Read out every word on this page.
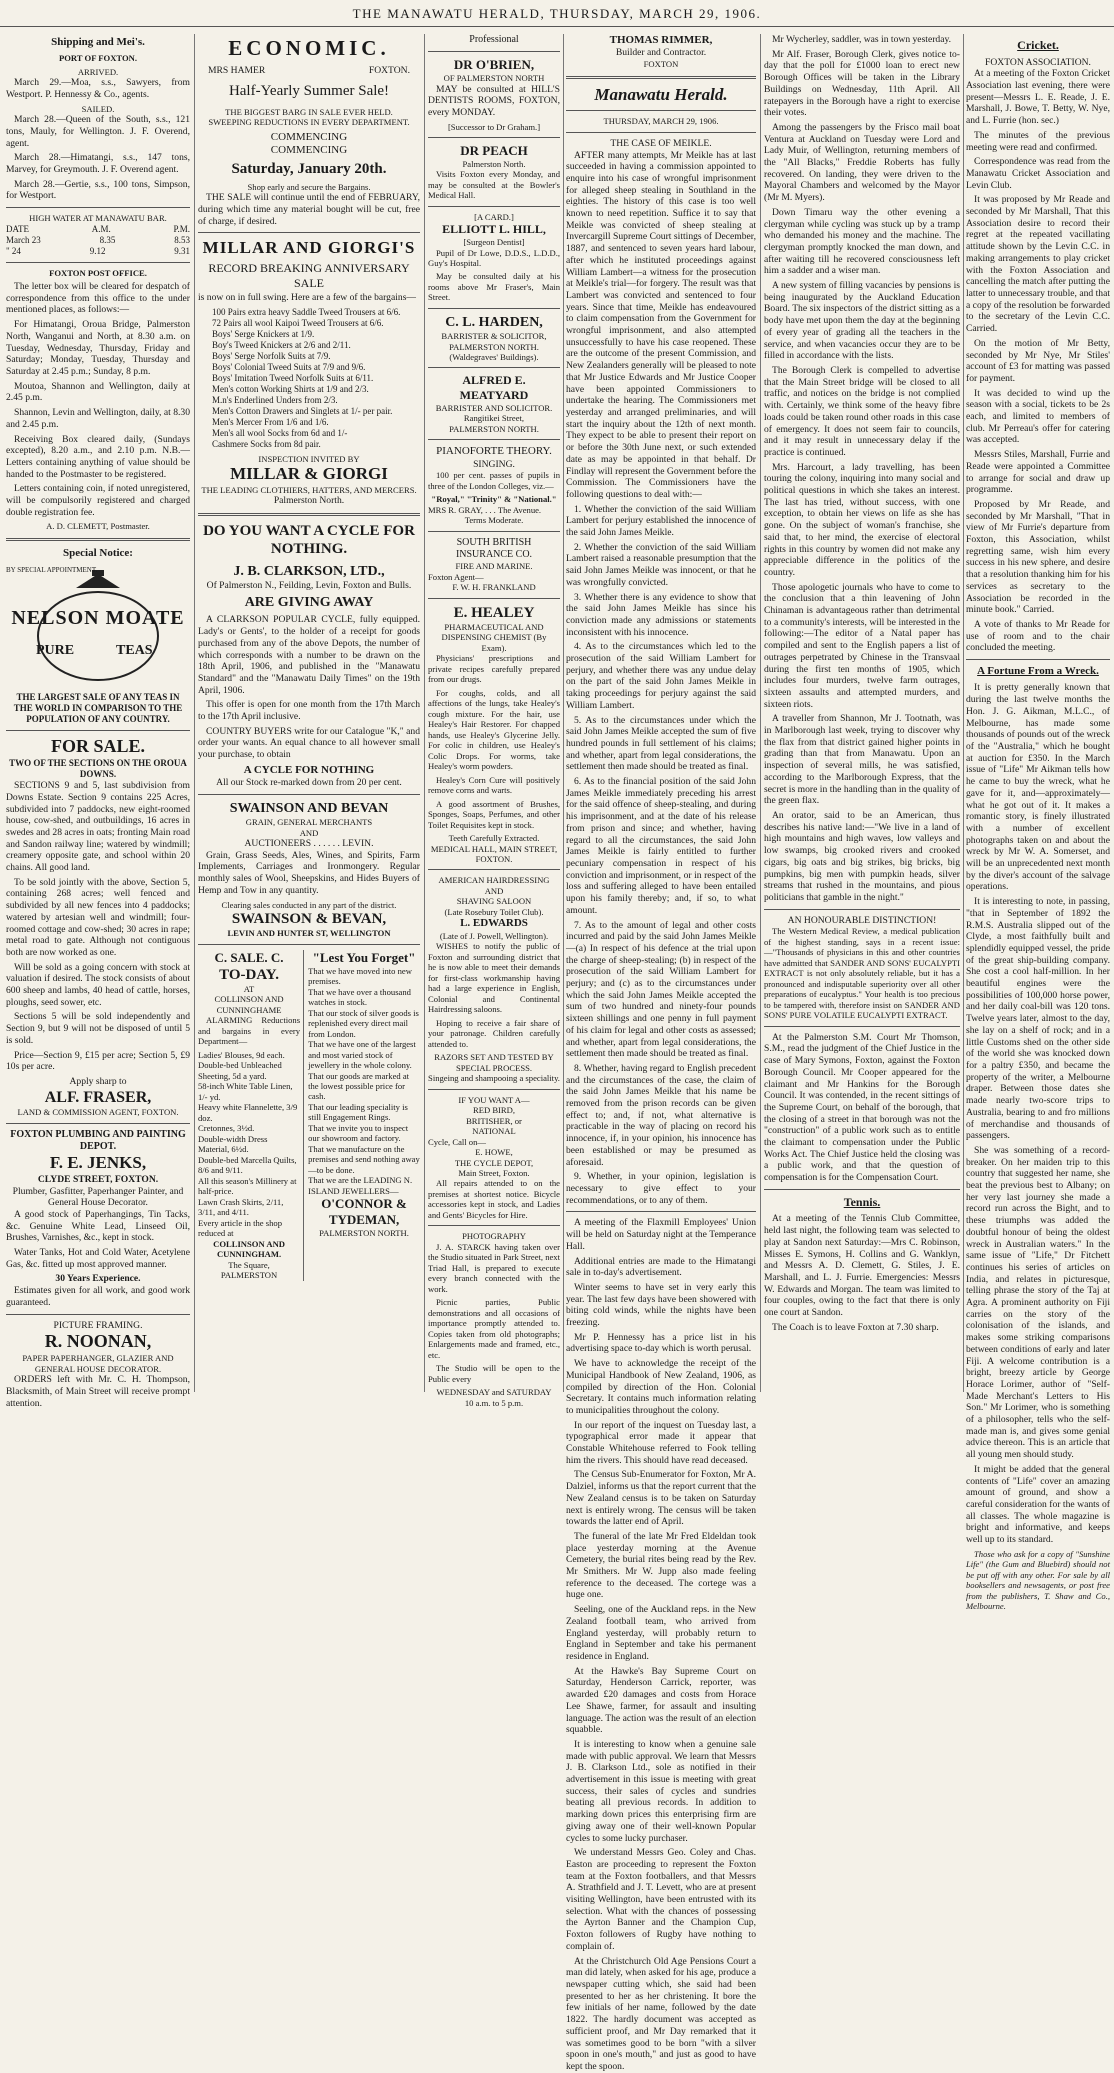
THE MANAWATU HERALD, THURSDAY, MARCH 29, 1906.
Shipping and Mei's.
PORT OF FOXTON.
ARRIVED.

March 29.—Moa, s.s., Sawyers, from Westport. P. Hennessy & Co., agents.

SAILED.

March 28.—Queen of the South, s.s., 121 tons, Mauly, for Wellington. J. F. Overend, agent.

March 28.—Himatangi, s.s., 147 tons, Marvey, for Greymouth. J. F. Overend agent.

March 28.—Gertie, s.s., 100 tons, Simpson, for Westport.

HIGH WATER AT MANAWATU BAR.
DATE	A.M.	P.M.
March 23	8.35	8.53
" 24	9.12	9.31
FOXTON POST OFFICE.

The letter box will be cleared for despatch of correspondence from this office to the under mentioned places, as follows:—

For Himatangi, Oroua Bridge, Palmerston North, Wanganui and North, at 8.30 a.m. on Tuesday, Wednesday, Thursday, Friday and Saturday; Monday, Tuesday, Thursday and Saturday at 2.45 p.m.; Sunday, 8 p.m.

Moutoa, Shannon and Wellington, daily at 2.45 p.m.

Shannon, Levin and Wellington, daily, at 8.30 and 2.45 p.m.

Receiving Box cleared daily, (Sundays excepted), 8.20 a.m., and 2.10 p.m. N.B.—Letters containing anything of value should be handed to the Postmaster to be registered.

Letters containing coin, if noted unregistered, will be compulsorily registered and charged double registration fee.

A. D. CLEMETT, Postmaster.
Special Notice:
BY SPECIAL APPOINTMENT.
NELSON MOATE
PURE	TEAS
THE LARGEST SALE OF ANY TEAS IN THE WORLD IN COMPARISON TO THE POPULATION OF ANY COUNTRY.
FOR SALE.
TWO OF THE SECTIONS ON THE OROUA DOWNS.

SECTIONS 9 and 5, last subdivision from Downs Estate. Section 9 contains 225 Acres, subdivided into 7 paddocks, new eight-roomed house, cow-shed, and outbuildings, 16 acres in swedes and 28 acres in oats; fronting Main road and Sandon railway line; watered by windmill; creamery opposite gate, and school within 20 chains. All good land.

To be sold jointly with the above, Section 5, containing 268 acres; well fenced and subdivided by all new fences into 4 paddocks; watered by artesian well and windmill; four-roomed cottage and cow-shed; 30 acres in rape; metal road to gate. Although not contiguous both are now worked as one.

Will be sold as a going concern with stock at valuation if desired. The stock consists of about 600 sheep and lambs, 40 head of cattle, horses, ploughs, seed sower, etc.

Sections 5 will be sold independently and Section 9, but 9 will not be disposed of until 5 is sold.

Price—Section 9, £15 per acre; Section 5, £9 10s per acre.

Apply sharp to
ALF. FRASER,
LAND & COMMISSION AGENT, FOXTON.
FOXTON PLUMBING AND PAINTING DEPOT.
F. E. JENKS,
CLYDE STREET, FOXTON.
Plumber, Gasfitter, Paperhanger Painter, and General House Decorator.

A good stock of Paperhangings, Tin Tacks, &c. Genuine White Lead, Linseed Oil, Brushes, Varnishes, &c., kept in stock.

Water Tanks, Hot and Cold Water, Acetylene Gas, &c. fitted up most approved manner.

30 Years Experience.

Estimates given for all work, and good work guaranteed.

PICTURE FRAMING.
R. NOONAN,
PAPER PAPERHANGER, GLAZIER AND GENERAL HOUSE DECORATOR.

ORDERS left with Mr. C. H. Thompson, Blacksmith, of Main Street will receive prompt attention.

ECONOMIC.
MRS HAMER	FOXTON.
Half-Yearly Summer Sale!
THE BIGGEST BARG IN SALE EVER HELD.
SWEEPING REDUCTIONS IN EVERY DEPARTMENT.
COMMENCING
COMMENCING
Saturday, January 20th.
Shop early and secure the Bargains.

THE SALE will continue until the end of FEBRUARY, during which time any material bought will be cut, free of charge, if desired.

MILLAR AND GIORGI'S
RECORD BREAKING ANNIVERSARY SALE

is now on in full swing. Here are a few of the bargains—

100 Pairs extra heavy Saddle Tweed Trousers at 6/6.
72 Pairs all wool Kaipoi Tweed Trousers at 6/6.
Boys' Serge Knickers at 1/9.
Boy's Tweed Knickers at 2/6 and 2/11.
Boys' Serge Norfolk Suits at 7/9.
Boys' Colonial Tweed Suits at 7/9 and 9/6.
Boys' Imitation Tweed Norfolk Suits at 6/11.
Men's cotton Working Shirts at 1/9 and 2/3.
M.n's Enderlined Unders from 2/3.
Men's Cotton Drawers and Singlets at 1/- per pair.
Men's Mercer From 1/6 and 1/6.
Men's all wool Socks from 6d and 1/-
Cashmere Socks from 8d pair.
INSPECTION INVITED BY
MILLAR & GIORGI
THE LEADING CLOTHIERS, HATTERS, AND MERCERS.
Palmerston North.
DO YOU WANT A CYCLE FOR NOTHING.
J. B. CLARKSON, LTD.,
Of Palmerston N., Feilding, Levin, Foxton and Bulls.
ARE GIVING AWAY

A CLARKSON POPULAR CYCLE, fully equipped. Lady's or Gents', to the holder of a receipt for goods purchased from any of the above Depots, the number of which corresponds with a number to be drawn on the 18th April, 1906, and published in the "Manawatu Standard" and the "Manawatu Daily Times" on the 19th April, 1906.

This offer is open for one month from the 17th March to the 17th April inclusive.

COUNTRY BUYERS write for our Catalogue "K," and order your wants. An equal chance to all however small your purchase, to obtain

A CYCLE FOR NOTHING
All our Stock re-marked down from 20 per cent.
SWAINSON AND BEVAN
GRAIN, GENERAL MERCHANTS
AND
AUCTIONEERS . . . . . . LEVIN.

Grain, Grass Seeds, Ales, Wines, and Spirits, Farm Implements, Carriages and Ironmongery. Regular monthly sales of Wool, Sheepskins, and Hides Buyers of Hemp and Tow in any quantity.

Clearing sales conducted in any part of the district.
SWAINSON & BEVAN,
LEVIN AND HUNTER ST, WELLINGTON
C. SALE. C.
TO-DAY.
AT
COLLINSON AND CUNNINGHAME

ALARMING Reductions and bargains in every Department—

Ladies' Blouses, 9d each.
Double-bed Unbleached Sheeting, 5d a yard.
58-inch White Table Linen, 1/- yd.
Heavy white Flannelette, 3/9 doz.
Cretonnes, 3½d.
Double-width Dress Material, 6½d.
Double-bed Marcella Quilts, 8/6 and 9/11.
All this season's Millinery at half-price.
Lawn Crash Skirts, 2/11, 3/11, and 4/11.
Every article in the shop reduced at
COLLINSON AND CUNNINGHAM.
The Square,
PALMERSTON
"Lest You Forget"
That we have moved into new premises.
That we have over a thousand watches in stock.
That our stock of silver goods is replenished every direct mail from London.
That we have one of the largest and most varied stock of jewellery in the whole colony.
That our goods are marked at the lowest possible price for cash.
That our leading speciality is still Engagement Rings.
That we invite you to inspect our showroom and factory.
That we manufacture on the premises and send nothing away—to be done.
That we are the LEADING N. ISLAND JEWELLERS—
O'CONNOR & TYDEMAN,
PALMERSTON NORTH.
Professional
DR O'BRIEN,
OF PALMERSTON NORTH

MAY be consulted at HILL'S DENTISTS ROOMS, FOXTON, every MONDAY.

[Successor to Dr Graham.]
DR PEACH
Palmerston North.

Visits Foxton every Monday, and may be consulted at the Bowler's Medical Hall.

[A CARD.]
ELLIOTT L. HILL,
[Surgeon Dentist]

Pupil of Dr Lowe, D.D.S., L.D.D., Guy's Hospital.

May be consulted daily at his rooms above Mr Fraser's, Main Street.

C. L. HARDEN,
BARRISTER & SOLICITOR,
PALMERSTON NORTH.
(Waldegraves' Buildings).
ALFRED E. MEATYARD
BARRISTER AND SOLICITOR.
Rangitikei Street,
PALMERSTON NORTH.
PIANOFORTE THEORY.
SINGING.

100 per cent. passes of pupils in three of the London Colleges, viz.—

"Royal," "Trinity" & "National."
MRS R. GRAY, . . . The Avenue.
Terms Moderate.
SOUTH BRITISH INSURANCE CO.
FIRE AND MARINE.
Foxton Agent—
F. W. H. FRANKLAND
E. HEALEY
PHARMACEUTICAL AND DISPENSING CHEMIST (By Exam).

Physicians' prescriptions and private recipes carefully prepared from our drugs.

For coughs, colds, and all affections of the lungs, take Healey's cough mixture. For the hair, use Healey's Hair Restorer. For chapped hands, use Healey's Glycerine Jelly. For colic in children, use Healey's Colic Drops. For worms, take Healey's worm powders.

Healey's Corn Cure will positively remove corns and warts.

A good assortment of Brushes, Sponges, Soaps, Perfumes, and other Toilet Requisites kept in stock.

Teeth Carefully Extracted.
MEDICAL HALL, MAIN STREET, FOXTON.
AMERICAN HAIRDRESSING
AND
SHAVING SALOON
(Late Rosebury Toilet Club).
L. EDWARDS
(Late of J. Powell, Wellington).

WISHES to notify the public of Foxton and surrounding district that he is now able to meet their demands for first-class workmanship having had a large experience in English, Colonial and Continental Hairdressing saloons.

Hoping to receive a fair share of your patronage. Children carefully attended to.

RAZORS SET AND TESTED BY SPECIAL PROCESS.
Singeing and shampooing a speciality.
IF YOU WANT A—
RED BIRD,
BRITISHER, or
NATIONAL
Cycle, Call on—
E. HOWE,
THE CYCLE DEPOT,
Main Street, Foxton.

All repairs attended to on the premises at shortest notice. Bicycle accessories kept in stock, and Ladies and Gents' Bicycles for Hire.

PHOTOGRAPHY

J. A. STARCK having taken over the Studio situated in Park Street, next Triad Hall, is prepared to execute every branch connected with the work.

Picnic parties, Public demonstrations and all occasions of importance promptly attended to. Copies taken from old photographs; Enlargements made and framed, etc., etc.

The Studio will be open to the Public every

WEDNESDAY and SATURDAY
10 a.m. to 5 p.m.
THOMAS RIMMER,
Builder and Contractor.
FOXTON
Manawatu Herald.
THURSDAY, MARCH 29, 1906.
THE CASE OF MEIKLE.

AFTER many attempts, Mr Meikle has at last succeeded in having a commission appointed to enquire into his case of wrongful imprisonment for alleged sheep stealing in Southland in the eighties. The history of this case is too well known to need repetition. Suffice it to say that Meikle was convicted of sheep stealing at Invercargill Supreme Court sittings of December, 1887, and sentenced to seven years hard labour, after which he instituted proceedings against William Lambert—a witness for the prosecution at Meikle's trial—for forgery. The result was that Lambert was convicted and sentenced to four years. Since that time, Meikle has endeavoured to claim compensation from the Government for wrongful imprisonment, and also attempted unsuccessfully to have his case reopened. These are the outcome of the present Commission, and New Zealanders generally will be pleased to note that Mr Justice Edwards and Mr Justice Cooper have been appointed Commissioners to undertake the hearing. The Commissioners met yesterday and arranged preliminaries, and will start the inquiry about the 12th of next month. They expect to be able to present their report on or before the 30th June next, or such extended date as may be appointed in that behalf. Dr Findlay will represent the Government before the Commission. The Commissioners have the following questions to deal with:—

1. Whether the conviction of the said William Lambert for perjury established the innocence of the said John James Meikle.

2. Whether the conviction of the said William Lambert raised a reasonable presumption that the said John James Meikle was innocent, or that he was wrongfully convicted.

3. Whether there is any evidence to show that the said John James Meikle has since his conviction made any admissions or statements inconsistent with his innocence.

4. As to the circumstances which led to the prosecution of the said William Lambert for perjury, and whether there was any undue delay on the part of the said John James Meikle in taking proceedings for perjury against the said William Lambert.

5. As to the circumstances under which the said John James Meikle accepted the sum of five hundred pounds in full settlement of his claims; and whether, apart from legal considerations, the settlement then made should be treated as final.

6. As to the financial position of the said John James Meikle immediately preceding his arrest for the said offence of sheep-stealing, and during his imprisonment, and at the date of his release from prison and since; and whether, having regard to all the circumstances, the said John James Meikle is fairly entitled to further pecuniary compensation in respect of his conviction and imprisonment, or in respect of the loss and suffering alleged to have been entailed upon his family thereby; and, if so, to what amount.

7. As to the amount of legal and other costs incurred and paid by the said John James Meikle—(a) In respect of his defence at the trial upon the charge of sheep-stealing; (b) in respect of the prosecution of the said William Lambert for perjury; and (c) as to the circumstances under which the said John James Meikle accepted the sum of two hundred and ninety-four pounds sixteen shillings and one penny in full payment of his claim for legal and other costs as assessed; and whether, apart from legal considerations, the settlement then made should be treated as final.

8. Whether, having regard to English precedent and the circumstances of the case, the claim of the said John James Meikle that his name be removed from the prison records can be given effect to; and, if not, what alternative is practicable in the way of placing on record his innocence, if, in your opinion, his innocence has been established or may be presumed as aforesaid.

9. Whether, in your opinion, legislation is necessary to give effect to your recommendations, or to any of them.

A meeting of the Flaxmill Employees' Union will be held on Saturday night at the Temperance Hall.

Additional entries are made to the Himatangi sale in to-day's advertisement.

Winter seems to have set in very early this year. The last few days have been showered with biting cold winds, while the nights have been freezing.

Mr P. Hennessy has a price list in his advertising space to-day which is worth perusal.

We have to acknowledge the receipt of the Municipal Handbook of New Zealand, 1906, as compiled by direction of the Hon. Colonial Secretary. It contains much information relating to municipalities throughout the colony.

In our report of the inquest on Tuesday last, a typographical error made it appear that Constable Whitehouse referred to Fook telling him the rivers. This should have read deceased.

The Census Sub-Enumerator for Foxton, Mr A. Dalziel, informs us that the report current that the New Zealand census is to be taken on Saturday next is entirely wrong. The census will be taken towards the latter end of April.

The funeral of the late Mr Fred Eldeldan took place yesterday morning at the Avenue Cemetery, the burial rites being read by the Rev. Mr Smithers. Mr W. Jupp also made feeling reference to the deceased. The cortege was a huge one.

Seeling, one of the Auckland reps. in the New Zealand football team, who arrived from England yesterday, will probably return to England in September and take his permanent residence in England.

At the Hawke's Bay Supreme Court on Saturday, Henderson Carrick, reporter, was awarded £20 damages and costs from Horace Lee Shawe, farmer, for assault and insulting language. The action was the result of an election squabble.

It is interesting to know when a genuine sale made with public approval. We learn that Messrs J. B. Clarkson Ltd., sole as notified in their advertisement in this issue is meeting with great success, their sales of cycles and sundries beating all previous records. In addition to marking down prices this enterprising firm are giving away one of their well-known Popular cycles to some lucky purchaser.

We understand Messrs Geo. Coley and Chas. Easton are proceeding to represent the Foxton team at the Foxton footballers, and that Messrs A. Strathfield and J. T. Levett, who are at present visiting Wellington, have been entrusted with its selection. What with the chances of possessing the Ayrton Banner and the Champion Cup, Foxton followers of Rugby have nothing to complain of.

At the Christchurch Old Age Pensions Court a man did lately, when asked for his age, produce a newspaper cutting which, she said had been presented to her as her christening. It bore the few initials of her name, followed by the date 1822. The hardly document was accepted as sufficient proof, and Mr Day remarked that it was sometimes good to be born "with a silver spoon in one's mouth," and just as good to have kept the spoon.

Mr Wycherley, saddler, was in town yesterday.

Mr Alf. Fraser, Borough Clerk, gives notice to-day that the poll for £1000 loan to erect new Borough Offices will be taken in the Library Buildings on Wednesday, 11th April. All ratepayers in the Borough have a right to exercise their votes.

Among the passengers by the Frisco mail boat Ventura at Auckland on Tuesday were Lord and Lady Muir, of Wellington, returning members of the "All Blacks," Freddie Roberts has fully recovered. On landing, they were driven to the Mayoral Chambers and welcomed by the Mayor (Mr M. Myers).

Down Timaru way the other evening a clergyman while cycling was stuck up by a tramp who demanded his money and the machine. The clergyman promptly knocked the man down, and after waiting till he recovered consciousness left him a sadder and a wiser man.

A new system of filling vacancies by pensions is being inaugurated by the Auckland Education Board. The six inspectors of the district sitting as a body have met upon them the day at the beginning of every year of grading all the teachers in the service, and when vacancies occur they are to be filled in accordance with the lists.

The Borough Clerk is compelled to advertise that the Main Street bridge will be closed to all traffic, and notices on the bridge is not complied with. Certainly, we think some of the heavy fibre loads could be taken round other roads in this case of emergency. It does not seem fair to councils, and it may result in unnecessary delay if the practice is continued.

Mrs. Harcourt, a lady travelling, has been touring the colony, inquiring into many social and political questions in which she takes an interest. The last has tried, without success, with one exception, to obtain her views on life as she has gone. On the subject of woman's franchise, she said that, to her mind, the exercise of electoral rights in this country by women did not make any appreciable difference in the politics of the country.

Those apologetic journals who have to come to the conclusion that a thin leavening of John Chinaman is advantageous rather than detrimental to a community's interests, will be interested in the following:—The editor of a Natal paper has compiled and sent to the English papers a list of outrages perpetrated by Chinese in the Transvaal during the first ten months of 1905, which includes four murders, twelve farm outrages, sixteen assaults and attempted murders, and sixteen riots.

A traveller from Shannon, Mr J. Tootnath, was in Marlborough last week, trying to discover why the flax from that district gained higher points in grading than that from Manawatu. Upon an inspection of several mills, he was satisfied, according to the Marlborough Express, that the secret is more in the handling than in the quality of the green flax.

An orator, said to be an American, thus describes his native land:—"We live in a land of high mountains and high waves, low valleys and low swamps, big crooked rivers and crooked cigars, big oats and big strikes, big bricks, big pumpkins, big men with pumpkin heads, silver streams that rushed in the mountains, and pious politicians that gamble in the night."

AN HONOURABLE DISTINCTION!

The Western Medical Review, a medical publication of the highest standing, says in a recent issue:—"Thousands of physicians in this and other countries have admitted that SANDER AND SONS' EUCALYPTI EXTRACT is not only absolutely reliable, but it has a pronounced and indisputable superiority over all other preparations of eucalyptus." Your health is too precious to be tampered with, therefore insist on SANDER AND SONS' PURE VOLATILE EUCALYPTI EXTRACT.

At the Palmerston S.M. Court Mr Thomson, S.M., read the judgment of the Chief Justice in the case of Mary Symons, Foxton, against the Foxton Borough Council. Mr Cooper appeared for the claimant and Mr Hankins for the Borough Council. It was contended, in the recent sittings of the Supreme Court, on behalf of the borough, that the closing of a street in that borough was not the "construction" of a public work such as to entitle the claimant to compensation under the Public Works Act. The Chief Justice held the closing was a public work, and that the question of compensation is for the Compensation Court.

Tennis.

At a meeting of the Tennis Club Committee, held last night, the following team was selected to play at Sandon next Saturday:—Mrs C. Robinson, Misses E. Symons, H. Collins and G. Wanklyn, and Messrs A. D. Clemett, G. Stiles, J. E. Marshall, and L. J. Furrie. Emergencies: Messrs W. Edwards and Morgan. The team was limited to four couples, owing to the fact that there is only one court at Sandon.

The Coach is to leave Foxton at 7.30 sharp.

Cricket.
FOXTON ASSOCIATION.

At a meeting of the Foxton Cricket Association last evening, there were present—Messrs L. E. Reade, J. E. Marshall, J. Bowe, T. Betty, W. Nye, and L. Furrie (hon. sec.)

The minutes of the previous meeting were read and confirmed.

Correspondence was read from the Manawatu Cricket Association and Levin Club.

It was proposed by Mr Reade and seconded by Mr Marshall, That this Association desire to record their regret at the repeated vacillating attitude shown by the Levin C.C. in making arrangements to play cricket with the Foxton Association and cancelling the match after putting the latter to unnecessary trouble, and that a copy of the resolution be forwarded to the secretary of the Levin C.C. Carried.

On the motion of Mr Betty, seconded by Mr Nye, Mr Stiles' account of £3 for matting was passed for payment.

It was decided to wind up the season with a social, tickets to be 2s each, and limited to members of club. Mr Perreau's offer for catering was accepted.

Messrs Stiles, Marshall, Furrie and Reade were appointed a Committee to arrange for social and draw up programme.

Proposed by Mr Reade, and seconded by Mr Marshall, "That in view of Mr Furrie's departure from Foxton, this Association, whilst regretting same, wish him every success in his new sphere, and desire that a resolution thanking him for his services as secretary to the Association be recorded in the minute book." Carried.

A vote of thanks to Mr Reade for use of room and to the chair concluded the meeting.

A Fortune From a Wreck.

It is pretty generally known that during the last twelve months the Hon. J. G. Aikman, M.L.C., of Melbourne, has made some thousands of pounds out of the wreck of the "Australia," which he bought at auction for £350. In the March issue of "Life" Mr Aikman tells how he came to buy the wreck, what he gave for it, and—approximately—what he got out of it. It makes a romantic story, is finely illustrated with a number of excellent photographs taken on and about the wreck by Mr W. A. Somerset, and will be an unprecedented next month by the diver's account of the salvage operations.

It is interesting to note, in passing, "that in September of 1892 the R.M.S. Australia slipped out of the Clyde, a most faithfully built and splendidly equipped vessel, the pride of the great ship-building company. She cost a cool half-million. In her beautiful engines were the possibilities of 100,000 horse power, and her daily coal-bill was 120 tons. Twelve years later, almost to the day, she lay on a shelf of rock; and in a little Customs shed on the other side of the world she was knocked down for a paltry £350, and became the property of the writer, a Melbourne draper. Between those dates she made nearly two-score trips to Australia, bearing to and fro millions of merchandise and thousands of passengers.

She was something of a record-breaker. On her maiden trip to this country that suggested her name, she beat the previous best to Albany; on her very last journey she made a record run across the Bight, and to these triumphs was added the doubtful honour of being the oldest wreck in Australian waters." In the same issue of "Life," Dr Fitchett continues his series of articles on India, and relates in picturesque, telling phrase the story of the Taj at Agra. A prominent authority on Fiji carries on the story of the colonisation of the islands, and makes some striking comparisons between conditions of early and later Fiji. A welcome contribution is a bright, breezy article by George Horace Lorimer, author of "Self-Made Merchant's Letters to His Son." Mr Lorimer, who is something of a philosopher, tells who the self-made man is, and gives some genial advice thereon. This is an article that all young men should study.

It might be added that the general contents of "Life" cover an amazing amount of ground, and show a careful consideration for the wants of all classes. The whole magazine is bright and informative, and keeps well up to its standard.

Those who ask for a copy of "Sunshine Life" (the Gum and Bluebird) should not be put off with any other. For sale by all booksellers and newsagents, or post free from the publishers, T. Shaw and Co., Melbourne.
